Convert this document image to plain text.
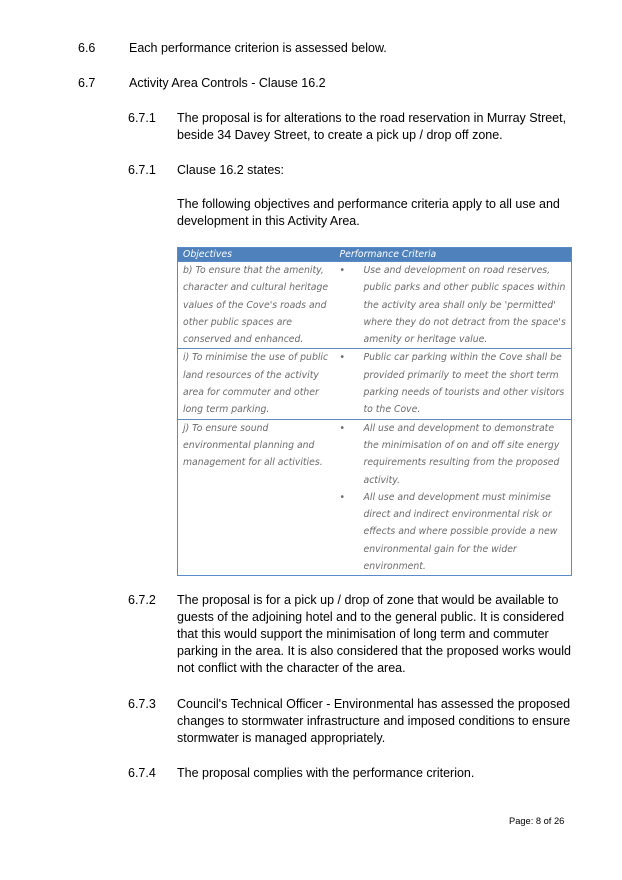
6.6	Each performance criterion is assessed below.
6.7	Activity Area Controls - Clause 16.2
6.7.1 The proposal is for alterations to the road reservation in Murray Street, beside 34 Davey Street, to create a pick up / drop off zone.
6.7.1 Clause 16.2 states:
The following objectives and performance criteria apply to all use and development in this Activity Area.
Objectives	Performance Criteria
b) To ensure that the amenity, character and cultural heritage values of the Cove's roads and other public spaces are conserved and enhanced.	• Use and development on road reserves, public parks and other public spaces within the activity area shall only be 'permitted' where they do not detract from the space's amenity or heritage value.

i) To minimise the use of public land resources of the activity area for commuter and other long term parking.	• Public car parking within the Cove shall be provided primarily to meet the short term parking needs of tourists and other visitors to the Cove.

j) To ensure sound environmental planning and management for all activities.	• All use and development to demonstrate the minimisation of on and off site energy requirements resulting from the proposed activity.
• All use and development must minimise direct and indirect environmental risk or effects and where possible provide a new environmental gain for the wider environment.
6.7.2 The proposal is for a pick up / drop of zone that would be available to guests of the adjoining hotel and to the general public. It is considered that this would support the minimisation of long term and commuter parking in the area. It is also considered that the proposed works would not conflict with the character of the area.
6.7.3 Council's Technical Officer - Environmental has assessed the proposed changes to stormwater infrastructure and imposed conditions to ensure stormwater is managed appropriately.
6.7.4 The proposal complies with the performance criterion.
Page: 8 of 26
